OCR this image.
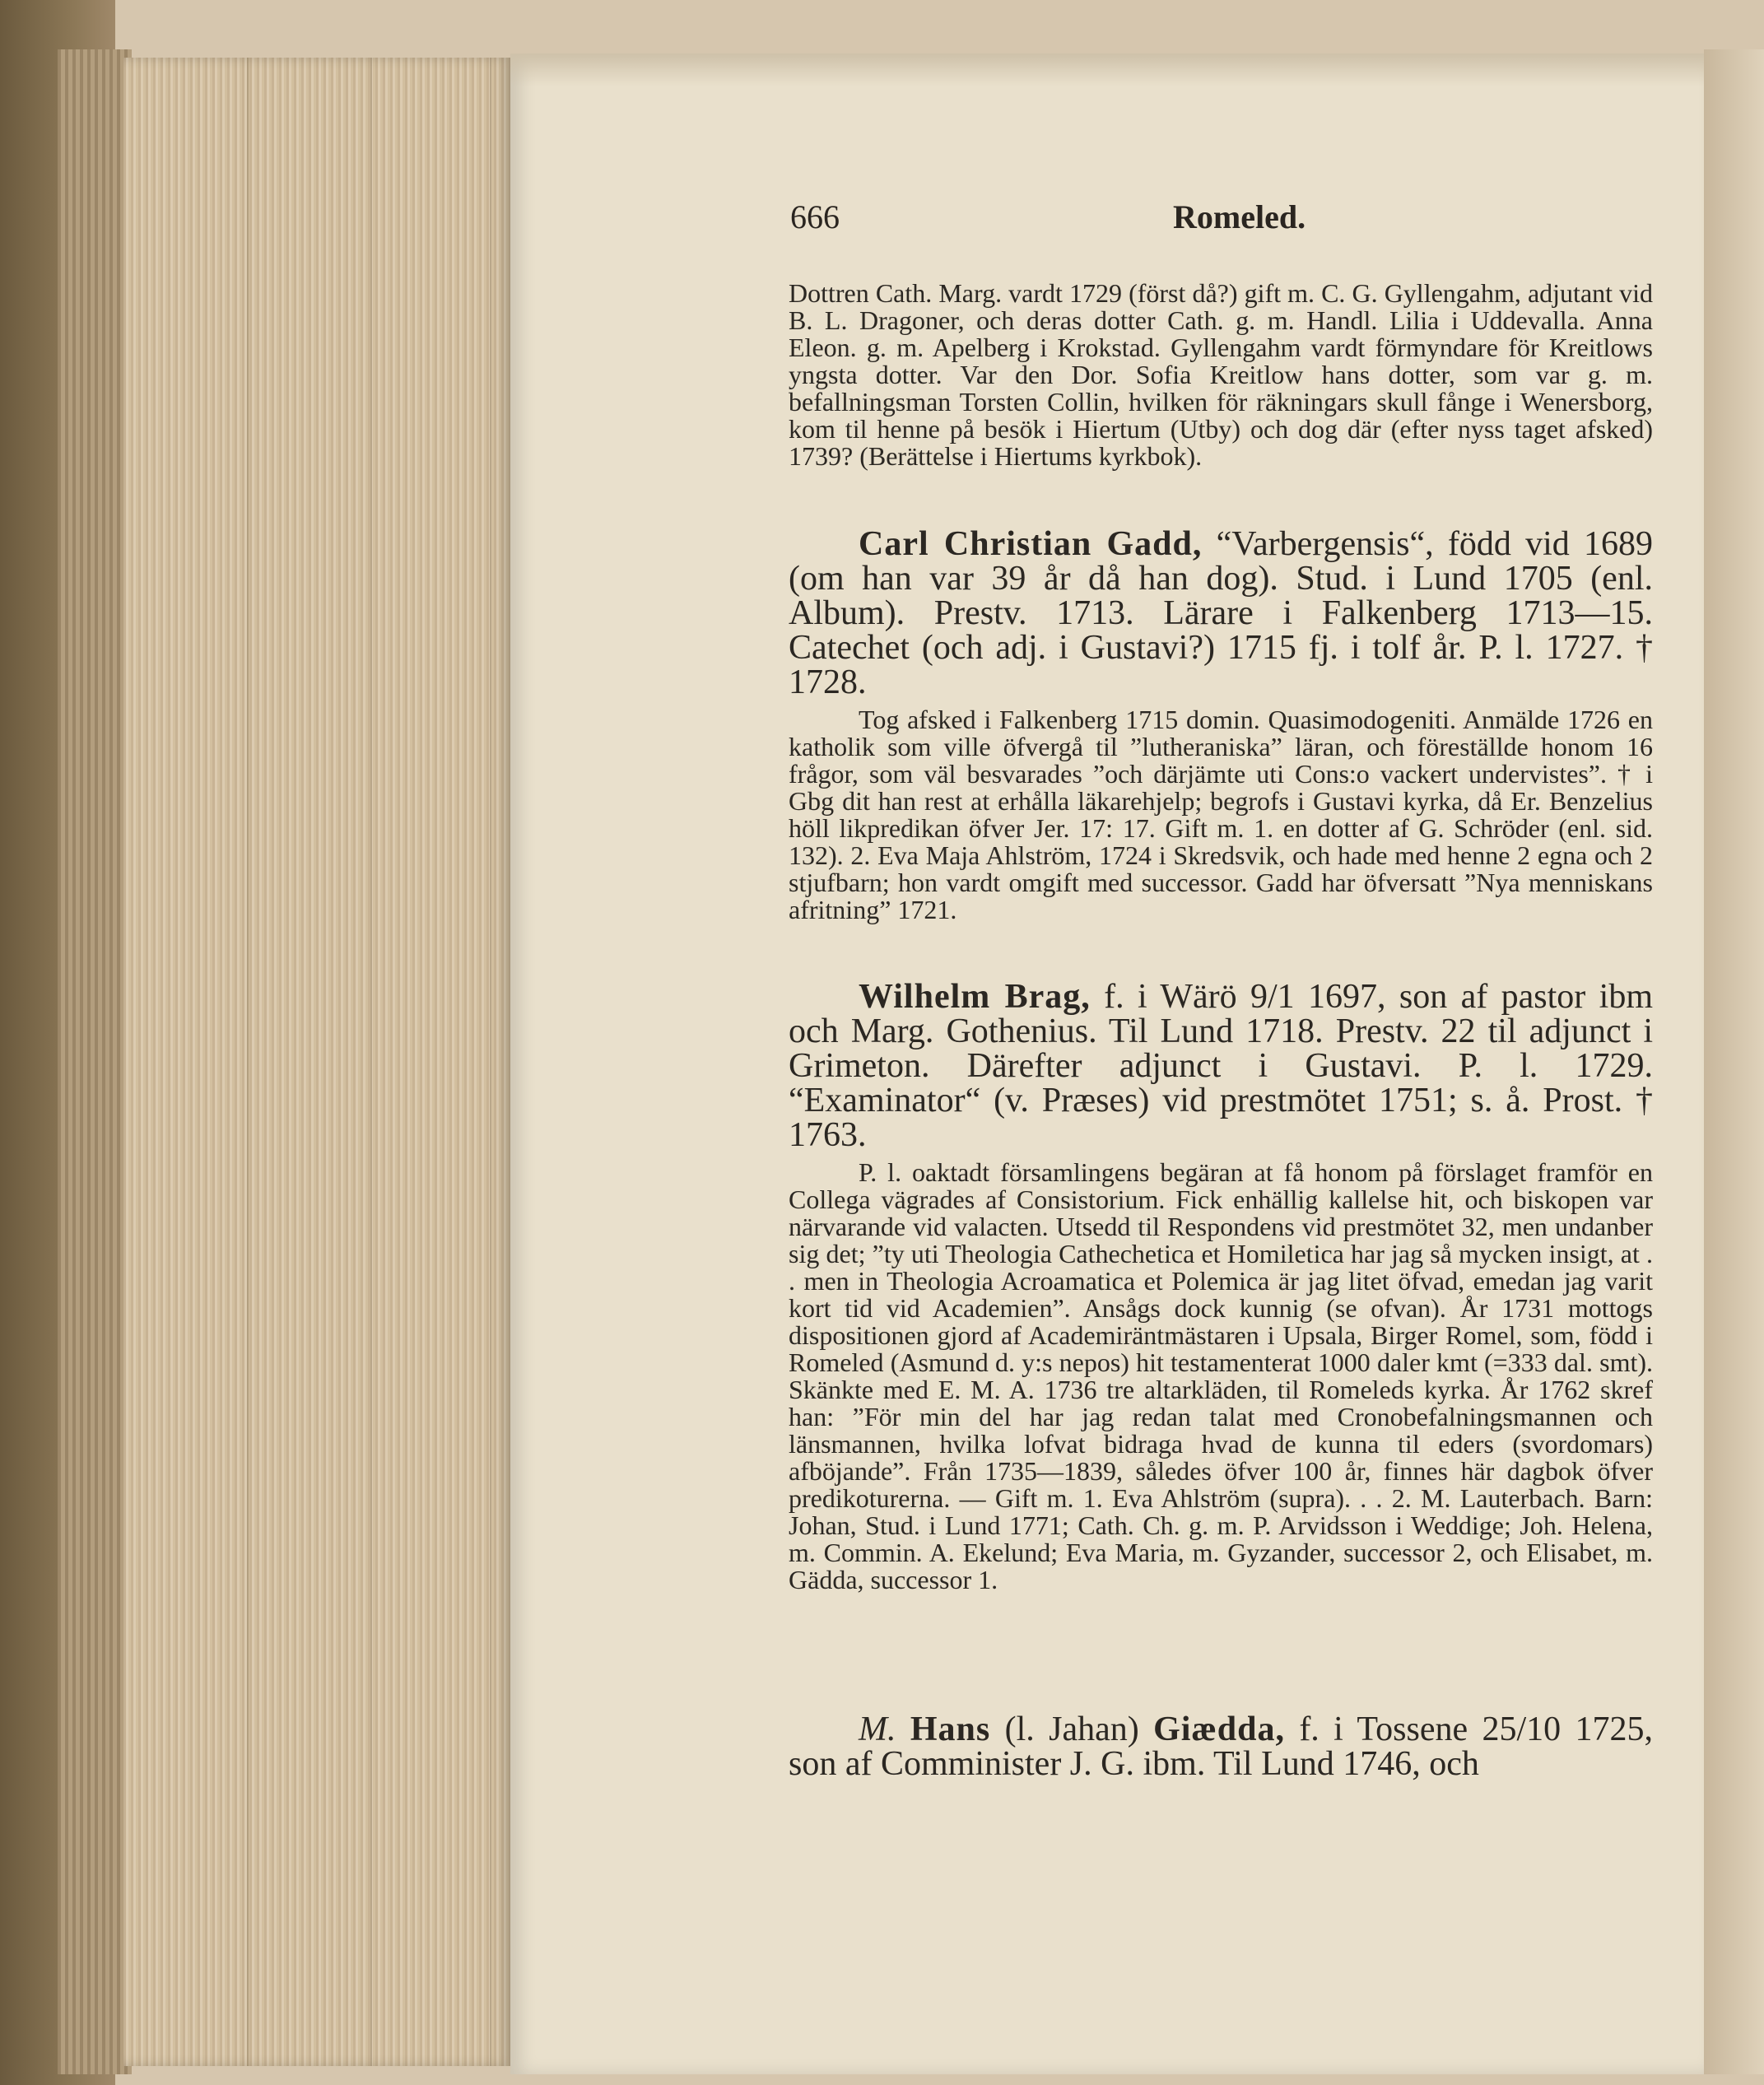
666	Romeled.
Dottren Cath. Marg. vardt 1729 (först då?) gift m. C. G. Gyllengahm, adjutant vid B. L. Dragoner, och deras dotter Cath. g. m. Handl. Lilia i Uddevalla. Anna Eleon. g. m. Apelberg i Krokstad. Gyllengahm vardt förmyndare för Kreitlows yngsta dotter. Var den Dor. Sofia Kreitlow hans dotter, som var g. m. befallningsman Torsten Collin, hvilken för räkningars skull fånge i Wenersborg, kom til henne på besök i Hiertum (Utby) och dog där (efter nyss taget afsked) 1739? (Berättelse i Hiertums kyrkbok).
Carl Christian Gadd, “Varbergensis“, född vid 1689 (om han var 39 år då han dog). Stud. i Lund 1705 (enl. Album). Prestv. 1713. Lärare i Falkenberg 1713—15. Catechet (och adj. i Gustavi?) 1715 fj. i tolf år. P. l. 1727. † 1728.
Tog afsked i Falkenberg 1715 domin. Quasimodogeniti. Anmälde 1726 en katholik som ville öfvergå til ”lutheraniska” läran, och föreställde honom 16 frågor, som väl besvarades ”och därjämte uti Cons:o vackert undervistes”. † i Gbg dit han rest at erhålla läkarehjelp; begrofs i Gustavi kyrka, då Er. Benzelius höll likpredikan öfver Jer. 17: 17. Gift m. 1. en dotter af G. Schröder (enl. sid. 132). 2. Eva Maja Ahlström, 1724 i Skredsvik, och hade med henne 2 egna och 2 stjufbarn; hon vardt omgift med successor. Gadd har öfversatt ”Nya menniskans afritning” 1721.
Wilhelm Brag, f. i Wärö 9/1 1697, son af pastor ibm och Marg. Gothenius. Til Lund 1718. Prestv. 22 til adjunct i Grimeton. Därefter adjunct i Gustavi. P. l. 1729. “Examinator“ (v. Præses) vid prestmötet 1751; s. å. Prost. † 1763.
P. l. oaktadt församlingens begäran at få honom på förslaget framför en Collega vägrades af Consistorium. Fick enhällig kallelse hit, och biskopen var närvarande vid valacten. Utsedd til Respondens vid prestmötet 32, men undanber sig det; ”ty uti Theologia Cathechetica et Homiletica har jag så mycken insigt, at . . men in Theologia Acroamatica et Polemica är jag litet öfvad, emedan jag varit kort tid vid Academien”. Ansågs dock kunnig (se ofvan). År 1731 mottogs dispositionen gjord af Academiräntmästaren i Upsala, Birger Romel, som, född i Romeled (Asmund d. y:s nepos) hit testamenterat 1000 daler kmt (=333 dal. smt). Skänkte med E. M. A. 1736 tre altarkläden, til Romeleds kyrka. År 1762 skref han: ”För min del har jag redan talat med Cronobefalningsmannen och länsmannen, hvilka lofvat bidraga hvad de kunna til eders (svordomars) afböjande”. Från 1735—1839, således öfver 100 år, finnes här dagbok öfver predikoturerna. — Gift m. 1. Eva Ahlström (supra). . . 2. M. Lauterbach. Barn: Johan, Stud. i Lund 1771; Cath. Ch. g. m. P. Arvidsson i Weddige; Joh. Helena, m. Commin. A. Ekelund; Eva Maria, m. Gyzander, successor 2, och Elisabet, m. Gädda, successor 1.
M. Hans (l. Jahan) Giædda, f. i Tossene 25/10 1725, son af Comminister J. G. ibm. Til Lund 1746, och
